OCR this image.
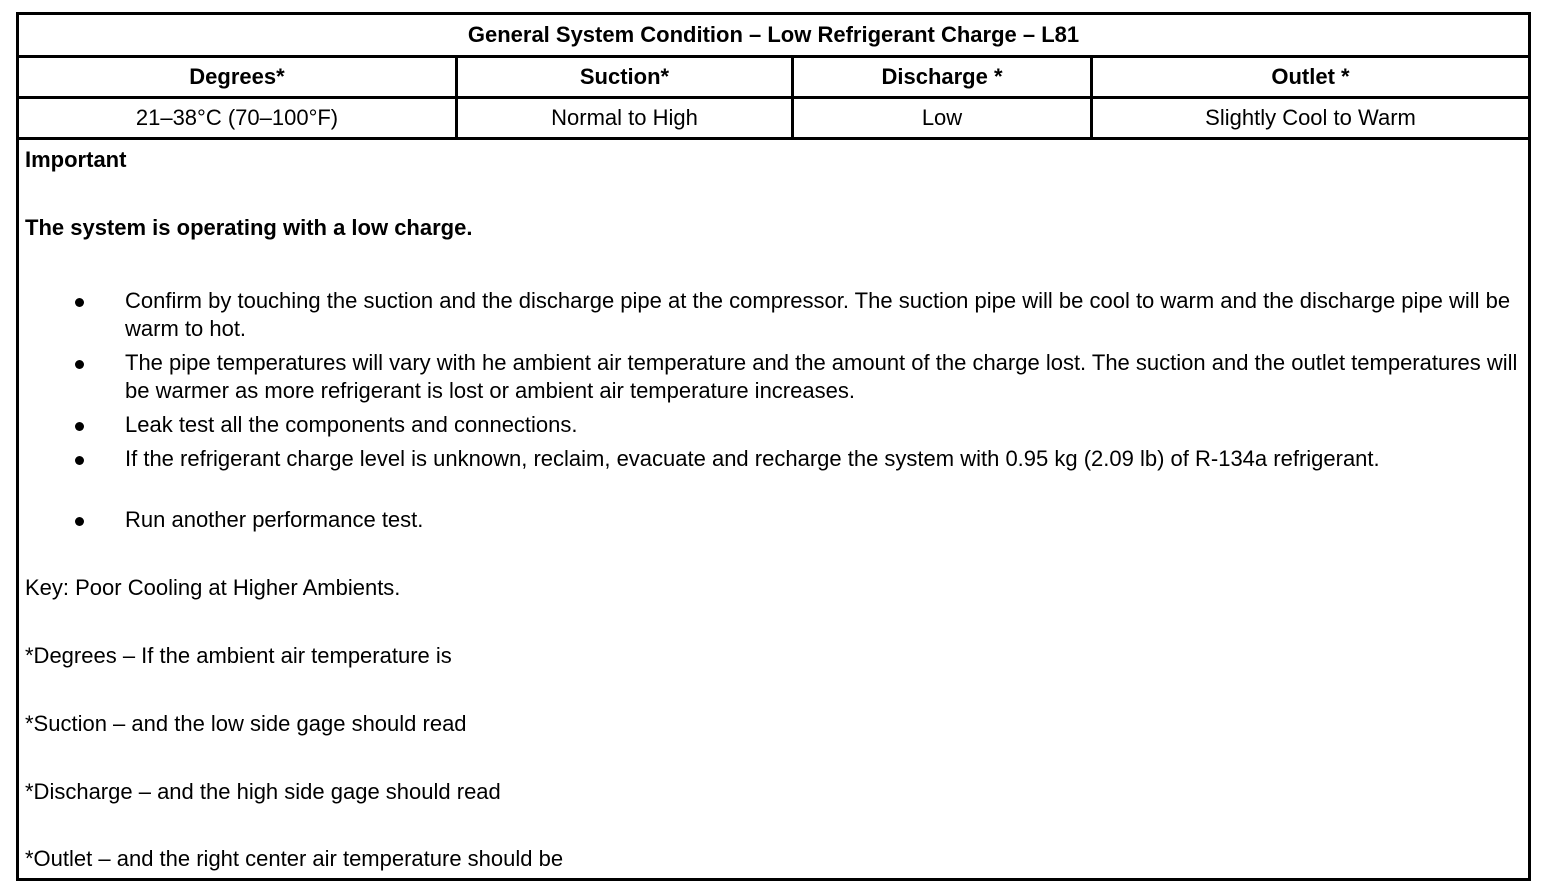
General System Condition – Low Refrigerant Charge – L81
Degrees*	Suction*	Discharge *	Outlet *
21–38°C (70–100°F)	Normal to High	Low	Slightly Cool to Warm
Important
The system is operating with a low charge.
Confirm by touching the suction and the discharge pipe at the compressor. The suction pipe will be cool to warm and the discharge pipe will be warm to hot.
The pipe temperatures will vary with he ambient air temperature and the amount of the charge lost. The suction and the outlet temperatures will be warmer as more refrigerant is lost or ambient air temperature increases.
Leak test all the components and connections.
If the refrigerant charge level is unknown, reclaim, evacuate and recharge the system with 0.95 kg (2.09 lb) of R-134a refrigerant.
Run another performance test.
Key: Poor Cooling at Higher Ambients.
*Degrees – If the ambient air temperature is
*Suction – and the low side gage should read
*Discharge – and the high side gage should read
*Outlet – and the right center air temperature should be
